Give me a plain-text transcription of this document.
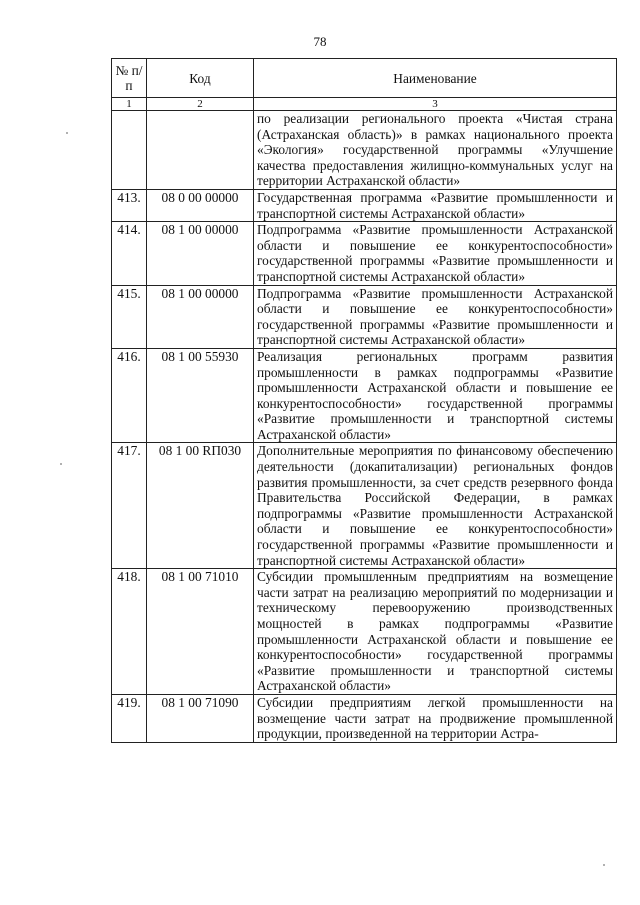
78
№ п/п	Код	Наименование
1	2	3
		по реализации регионального проекта «Чистая страна (Астраханская область)» в рамках национального проекта «Экология» государственной программы «Улучшение качества предоставления жилищно-коммунальных услуг на территории Астраханской области»
413.	08 0 00 00000	Государственная программа «Развитие промышленности и транспортной системы Астраханской области»
414.	08 1 00 00000	Подпрограмма «Развитие промышленности Астраханской области и повышение ее конкурентоспособности» государственной программы «Развитие промышленности и транспортной системы Астраханской области»
415.	08 1 00 00000	Подпрограмма «Развитие промышленности Астраханской области и повышение ее конкурентоспособности» государственной программы «Развитие промышленности и транспортной системы Астраханской области»
416.	08 1 00 55930	Реализация региональных программ развития промышленности в рамках подпрограммы «Развитие промышленности Астраханской области и повышение ее конкурентоспособности» государственной программы «Развитие промышленности и транспортной системы Астраханской области»
417.	08 1 00 RП030	Дополнительные мероприятия по финансовому обеспечению деятельности (докапитализации) региональных фондов развития промышленности, за счет средств резервного фонда Правительства Российской Федерации, в рамках подпрограммы «Развитие промышленности Астраханской области и повышение ее конкурентоспособности» государственной программы «Развитие промышленности и транспортной системы Астраханской области»
418.	08 1 00 71010	Субсидии промышленным предприятиям на возмещение части затрат на реализацию мероприятий по модернизации и техническому перевооружению производственных мощностей в рамках подпрограммы «Развитие промышленности Астраханской области и повышение ее конкурентоспособности» государственной программы «Развитие промышленности и транспортной системы Астраханской области»
419.	08 1 00 71090	Субсидии предприятиям легкой промышленности на возмещение части затрат на продвижение промышленной продукции, произведенной на территории Астра-
